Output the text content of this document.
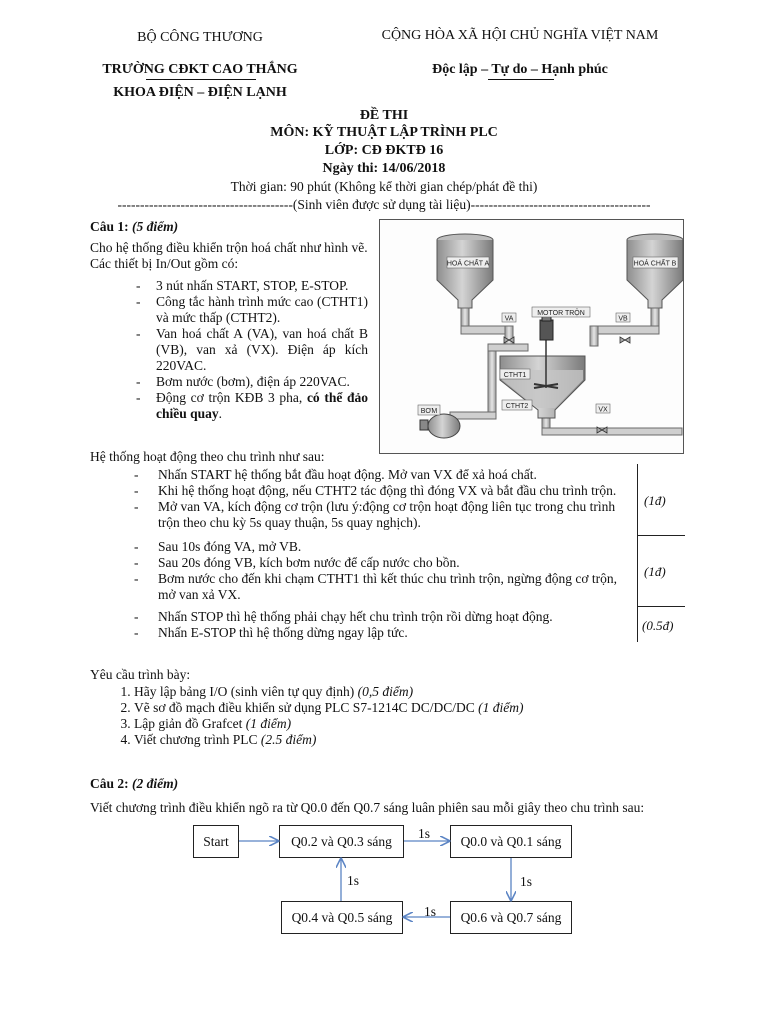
BỘ CÔNG THƯƠNG
TRƯỜNG CĐKT CAO THẮNG
KHOA ĐIỆN – ĐIỆN LẠNH
CỘNG HÒA XÃ HỘI CHỦ NGHĨA VIỆT NAM
Độc lập – Tự do – Hạnh phúc
ĐỀ THI
MÔN: KỸ THUẬT LẬP TRÌNH PLC
LỚP: CĐ ĐKTĐ 16
Ngày thi: 14/06/2018
Thời gian: 90 phút (Không kể thời gian chép/phát đề thi)
---------------------------------------(Sinh viên được sử dụng tài liệu)----------------------------------------
Câu 1: (5 điểm)
Cho hệ thống điều khiển trộn hoá chất như hình vẽ. Các thiết bị In/Out gồm có:
- 3 nút nhấn START, STOP, E-STOP.
- Công tắc hành trình mức cao (CTHT1) và mức thấp (CTHT2).
- Van hoá chất A (VA), van hoá chất B (VB), van xả (VX). Điện áp kích 220VAC.
- Bơm nước (bơm), điện áp 220VAC.
- Động cơ trộn KĐB 3 pha, có thể đảo chiều quay.
HOÁ CHẤT A	HOÁ CHẤT B
MOTOR TRỘN
VA	VB
VX
CTHT1
CTHT2
BƠM
Hệ thống hoạt động theo chu trình như sau:
- Nhấn START hệ thống bắt đầu hoạt động. Mở van VX để xả hoá chất.
- Khi hệ thống hoạt động, nếu CTHT2 tác động thì đóng VX và bắt đầu chu trình trộn.
- Mở van VA, kích động cơ trộn (lưu ý:động cơ trộn hoạt động liên tục trong chu trình trộn theo chu kỳ 5s quay thuận, 5s quay nghịch).
- Sau 10s đóng VA, mở VB.
- Sau 20s đóng VB, kích bơm nước để cấp nước cho bồn.
- Bơm nước cho đến khi chạm CTHT1 thì kết thúc chu trình trộn, ngừng động cơ trộn, mở van xả VX.
- Nhấn STOP thì hệ thống phải chạy hết chu trình trộn rồi dừng hoạt động.
- Nhấn E-STOP thì hệ thống dừng ngay lập tức.
(1đ)
(1đ)
(0.5đ)
Yêu cầu trình bày:
1. Hãy lập bảng I/O (sinh viên tự quy định) (0,5 điểm)
2. Vẽ sơ đồ mạch điều khiển sử dụng PLC S7-1214C DC/DC/DC (1 điểm)
3. Lập giản đồ Grafcet (1 điểm)
4. Viết chương trình PLC (2.5 điểm)
Câu 2: (2 điểm)
Viết chương trình điều khiển ngõ ra từ Q0.0 đến Q0.7 sáng luân phiên sau mỗi giây theo chu trình sau:
Start	Q0.2 và Q0.3 sáng	Q0.0 và Q0.1 sáng
Q0.6 và Q0.7 sáng
Q0.4 và Q0.5 sáng
1s
1s
1s
1s
